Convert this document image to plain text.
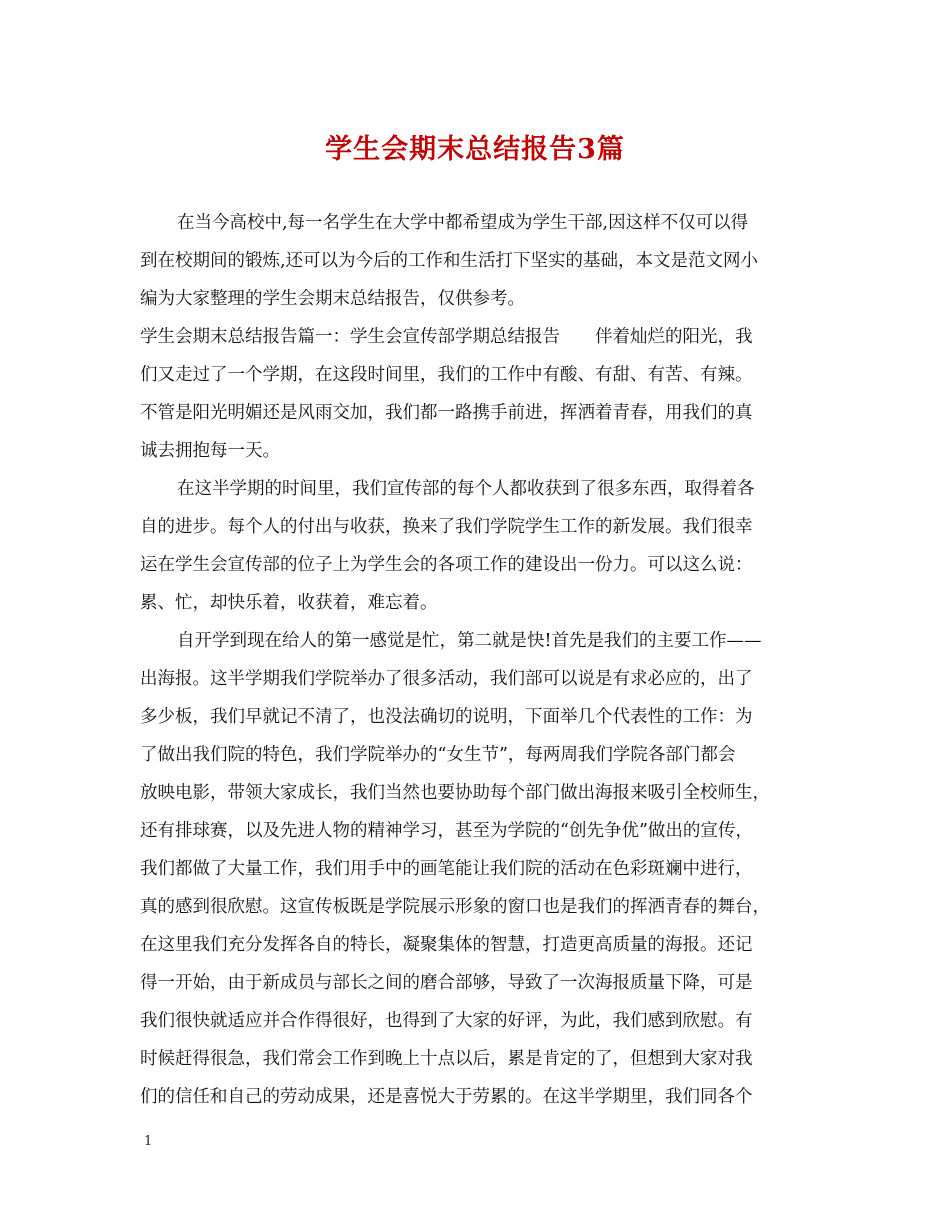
学生会期末总结报告3篇

在当今高校中,每一名学生在大学中都希望成为学生干部,因这样不仅可以得

到在校期间的锻炼,还可以为今后的工作和生活打下坚实的基础，本文是范文网小

编为大家整理的学生会期末总结报告，仅供参考。

学生会期末总结报告篇一：学生会宣传部学期总结报告　　伴着灿烂的阳光，我

们又走过了一个学期，在这段时间里，我们的工作中有酸、有甜、有苦、有辣。

不管是阳光明媚还是风雨交加，我们都一路携手前进，挥洒着青春，用我们的真

诚去拥抱每一天。

在这半学期的时间里，我们宣传部的每个人都收获到了很多东西，取得着各

自的进步。每个人的付出与收获，换来了我们学院学生工作的新发展。我们很幸

运在学生会宣传部的位子上为学生会的各项工作的建设出一份力。可以这么说：

累、忙，却快乐着，收获着，难忘着。

自开学到现在给人的第一感觉是忙，第二就是快!首先是我们的主要工作——

出海报。这半学期我们学院举办了很多活动，我们部可以说是有求必应的，出了

多少板，我们早就记不清了，也没法确切的说明，下面举几个代表性的工作：为

了做出我们院的特色，我们学院举办的“女生节”，每两周我们学院各部门都会

放映电影，带领大家成长，我们当然也要协助每个部门做出海报来吸引全校师生，

还有排球赛，以及先进人物的精神学习，甚至为学院的“创先争优”做出的宣传，

我们都做了大量工作，我们用手中的画笔能让我们院的活动在色彩斑斓中进行，

真的感到很欣慰。这宣传板既是学院展示形象的窗口也是我们的挥洒青春的舞台，

在这里我们充分发挥各自的特长，凝聚集体的智慧，打造更高质量的海报。还记

得一开始，由于新成员与部长之间的磨合部够，导致了一次海报质量下降，可是

我们很快就适应并合作得很好，也得到了大家的好评，为此，我们感到欣慰。有

时候赶得很急，我们常会工作到晚上十点以后，累是肯定的了，但想到大家对我

们的信任和自己的劳动成果，还是喜悦大于劳累的。在这半学期里，我们同各个

1
